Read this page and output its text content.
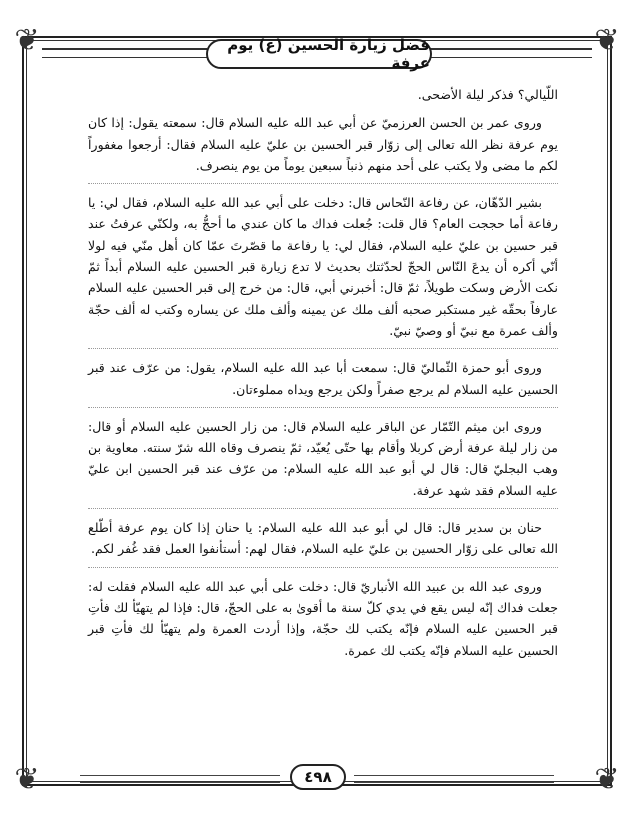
❦	❦
❦	❦
فضل زيارة الحسين (ع) يوم عرفة

اللّيالي؟ فذكر ليلة الأضحى.

وروى عمر بن الحسن العرزميّ عن أبي عبد الله عليه السلام قال: سمعته يقول: إذا كان يوم عرفة نظر الله تعالى إلى زوّار قبر الحسين بن عليّ عليه السلام فقال: أرجعوا مغفوراً لكم ما مضى ولا يكتب على أحد منهم ذنباً سبعين يوماً من يوم ينصرف.

بشير الدّهّان، عن رفاعة النّحاس قال: دخلت على أبي عبد الله عليه السلام، فقال لي: يا رفاعة أما حججت العام؟ قال قلت: جُعلت فداك ما كان عندي ما أحجُّ به، ولكنّي عرفتُ عند قبر حسين بن عليّ عليه السلام، فقال لي: يا رفاعة ما قصّرتَ عمّا كان أهل منّي فيه لولا أنّي أكره أن يدعَ النّاس الحجّ لحدّثتك بحديث لا تدع زيارة قبر الحسين عليه السلام أبداً ثمّ نكت الأرض وسكت طويلاً، ثمّ قال: أخبرني أبي، قال: من خرج إلى قبر الحسين عليه السلام عارفاً بحقّه غير مستكبر صحبه ألف ملك عن يمينه وألف ملك عن يساره وكتب له ألف حجّة وألف عمرة مع نبيّ أو وصيّ نبيّ.

وروى أبو حمزة الثّماليّ قال: سمعت أبا عبد الله عليه السلام، يقول: من عرّف عند قبر الحسين عليه السلام لم يرجع صفراً ولكن يرجع ويداه مملوءتان.

وروى ابن ميثم التّمّار عن الباقر عليه السلام قال: من زار الحسين عليه السلام أو قال: من زار ليلة عرفة أرض كربلا وأقام بها حتّى يُعيّد، ثمّ ينصرف وقاه الله شرّ سنته. معاوية بن وهب البجليّ قال: قال لي أبو عبد الله عليه السلام: من عرّف عند قبر الحسين ابن عليّ عليه السلام فقد شهد عرفة.

حنان بن سدير قال: قال لي أبو عبد الله عليه السلام: يا حنان إذا كان يوم عرفة أطّلع الله تعالى على زوّار الحسين بن عليّ عليه السلام، فقال لهم: أستأنفوا العمل فقد غُفر لكم.

وروى عبد الله بن عبيد الله الأنباريّ قال: دخلت على أبي عبد الله عليه السلام فقلت له: جعلت فداك إنّه ليس يقع في يدي كلّ سنة ما أقوىٰ به على الحجّ، قال: فإذا لم يتهيّأ لك فأتِ قبر الحسين عليه السلام فإنّه يكتب لك حجّة، وإذا أردت العمرة ولم يتهيّأ لك فأتِ قبر الحسين عليه السلام فإنّه يكتب لك عمرة.

٤٩٨
